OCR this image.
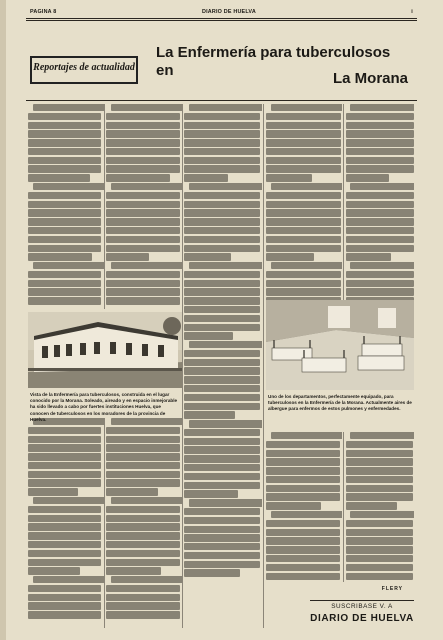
PAGINA 8	DIARIO DE HUELVA	i
Reportajes de actualidad
La Enfermería para tuberculosos en	La Morana
Vista de la Enfermería para tuberculosos, construida en el lugar conocido por la Morana. Soleado, aireado y en espacio inmejorable ha sido llevado a cabo por fuertes instituciones Huelva, que conocen de tuberculosos en los moradores de la provincia de Huelva.
Uno de los departamentos, perfectamente equipado, para tuberculosos en la Enfermería de la Morana. Actualmente aires de albergue para enfermos de estos pulmones y enfermedades.
FLERY
SUSCRIBASE V. A
DIARIO DE HUELVA
